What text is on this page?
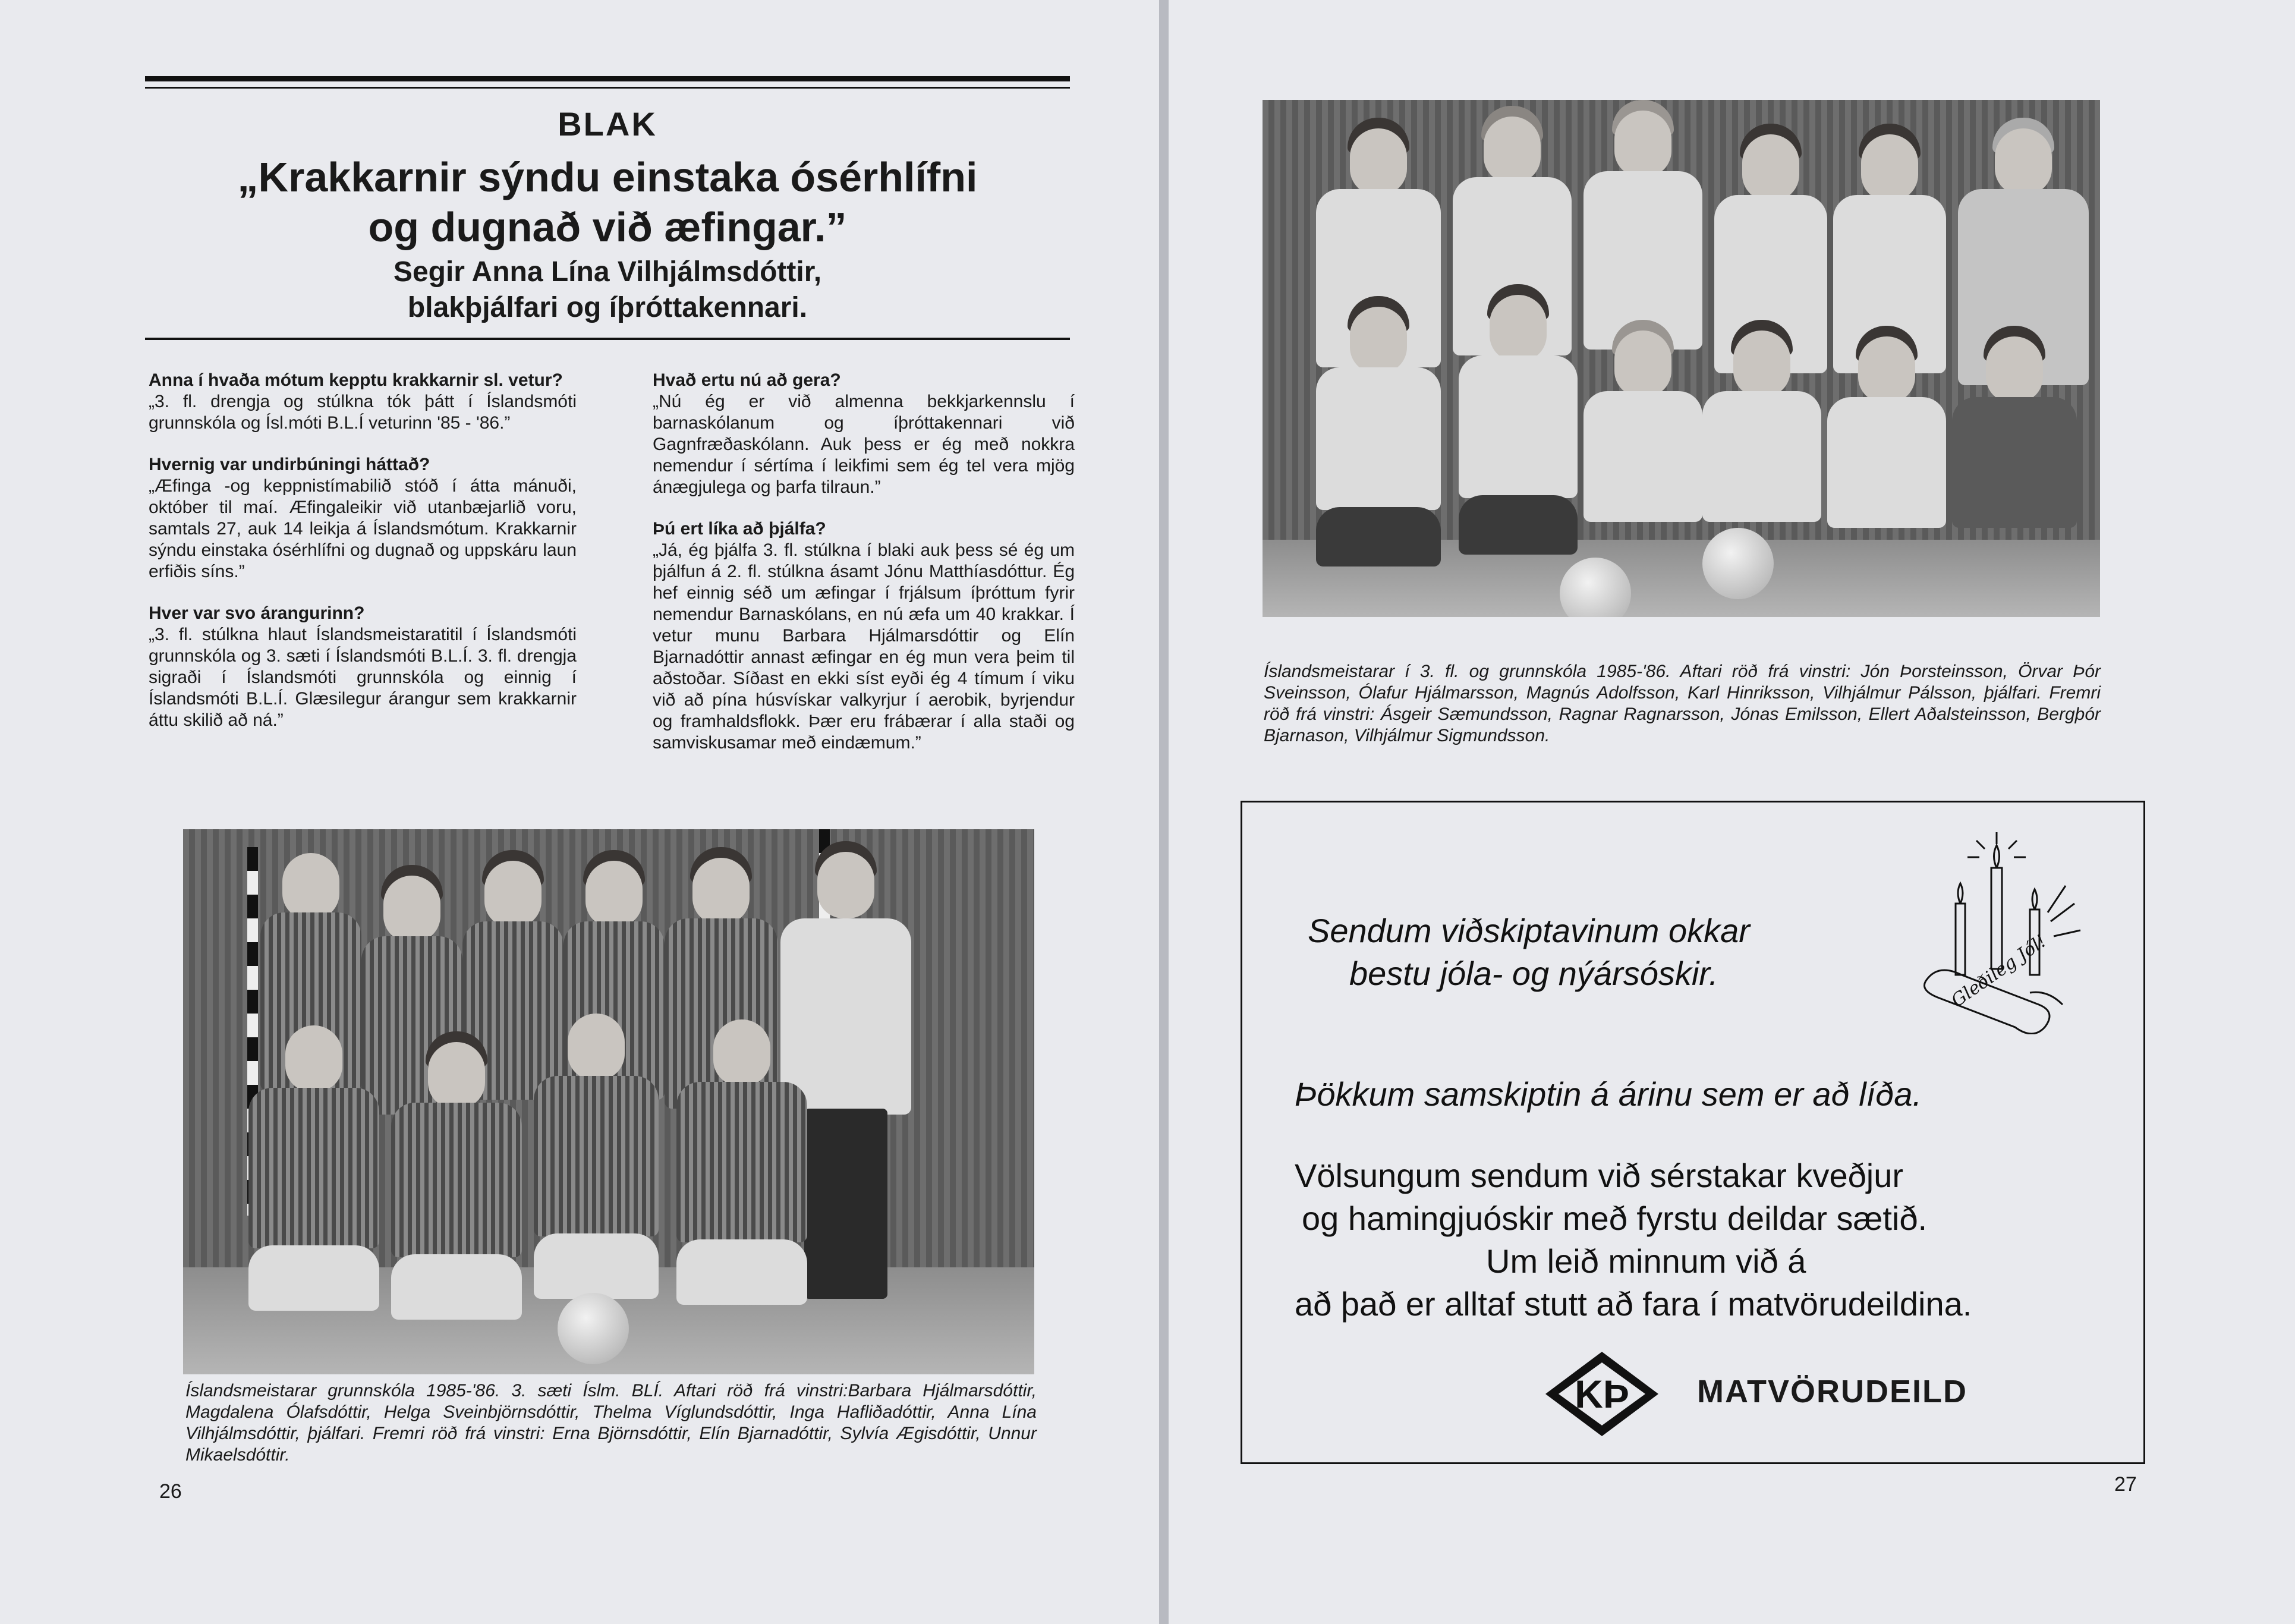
BLAK
„Krakkarnir sýndu einstaka ósérhlífni
og dugnað við æfingar.”
Segir Anna Lína Vilhjálmsdóttir,
blakþjálfari og íþróttakennari.
Anna í hvaða mótum kepptu krakkarnir sl. vetur?
„3. fl. drengja og stúlkna tók þátt í Íslandsmóti grunnskóla og Ísl.móti B.L.Í veturinn '85 - '86.”
Hvernig var undirbúningi háttað?
„Æfinga -og keppnistímabilið stóð í átta mánuði, október til maí. Æfingaleikir við utanbæjarlið voru, samtals 27, auk 14 leikja á Íslandsmótum. Krakkarnir sýndu einstaka ósérhlífni og dugnað og uppskáru laun erfiðis síns.”
Hver var svo árangurinn?
„3. fl. stúlkna hlaut Íslandsmeistaratitil í Íslandsmóti grunnskóla og 3. sæti í Íslandsmóti B.L.Í. 3. fl. drengja sigraði í Íslandsmóti grunnskóla og einnig í Íslandsmóti B.L.Í. Glæsilegur árangur sem krakkarnir áttu skilið að ná.”
Hvað ertu nú að gera?
„Nú ég er við almenna bekkjarkennslu í barnaskólanum og íþróttakennari við Gagnfræðaskólann. Auk þess er ég með nokkra nemendur í sértíma í leikfimi sem ég tel vera mjög ánægjulega og þarfa tilraun.”
Þú ert líka að þjálfa?
„Já, ég þjálfa 3. fl. stúlkna í blaki auk þess sé ég um þjálfun á 2. fl. stúlkna ásamt Jónu Matthíasdóttur. Ég hef einnig séð um æfingar í frjálsum íþróttum fyrir nemendur Barnaskólans, en nú æfa um 40 krakkar. Í vetur munu Barbara Hjálmarsdóttir og Elín Bjarnadóttir annast æfingar en ég mun vera þeim til aðstoðar. Síðast en ekki síst eyði ég 4 tímum í viku við að pína húsvískar valkyrjur í aerobik, byrjendur og framhaldsflokk. Þær eru frábærar í alla staði og samviskusamar með eindæmum.”
Íslandsmeistarar grunnskóla 1985-'86. 3. sæti Íslm. BLÍ. Aftari röð frá vinstri:Barbara Hjálmarsdóttir, Magdalena Ólafsdóttir, Helga Sveinbjörnsdóttir, Thelma Víglundsdóttir, Inga Hafliðadóttir, Anna Lína Vilhjálmsdóttir, þjálfari. Fremri röð frá vinstri: Erna Björnsdóttir, Elín Bjarnadóttir, Sylvía Ægisdóttir, Unnur Mikaelsdóttir.
26
Íslandsmeistarar í 3. fl. og grunnskóla 1985-'86. Aftari röð frá vinstri: Jón Þorsteinsson, Örvar Þór Sveinsson, Ólafur Hjálmarsson, Magnús Adolfsson, Karl Hinriksson, Vilhjálmur Pálsson, þjálfari. Fremri röð frá vinstri: Ásgeir Sæmundsson, Ragnar Ragnarsson, Jónas Emilsson, Ellert Aðalsteinsson, Bergþór Bjarnason, Vilhjálmur Sigmundsson.
Sendum viðskiptavinum okkar
bestu jóla- og nýársóskir.
Þökkum samskiptin á árinu sem er að líða.
Völsungum sendum við sérstakar kveðjur
og hamingjuóskir með fyrstu deildar sætið.
Um leið minnum við á
að það er alltaf stutt að fara í matvörudeildina.
Gleðileg Jól!
KÞ MATVÖRUDEILD
27
